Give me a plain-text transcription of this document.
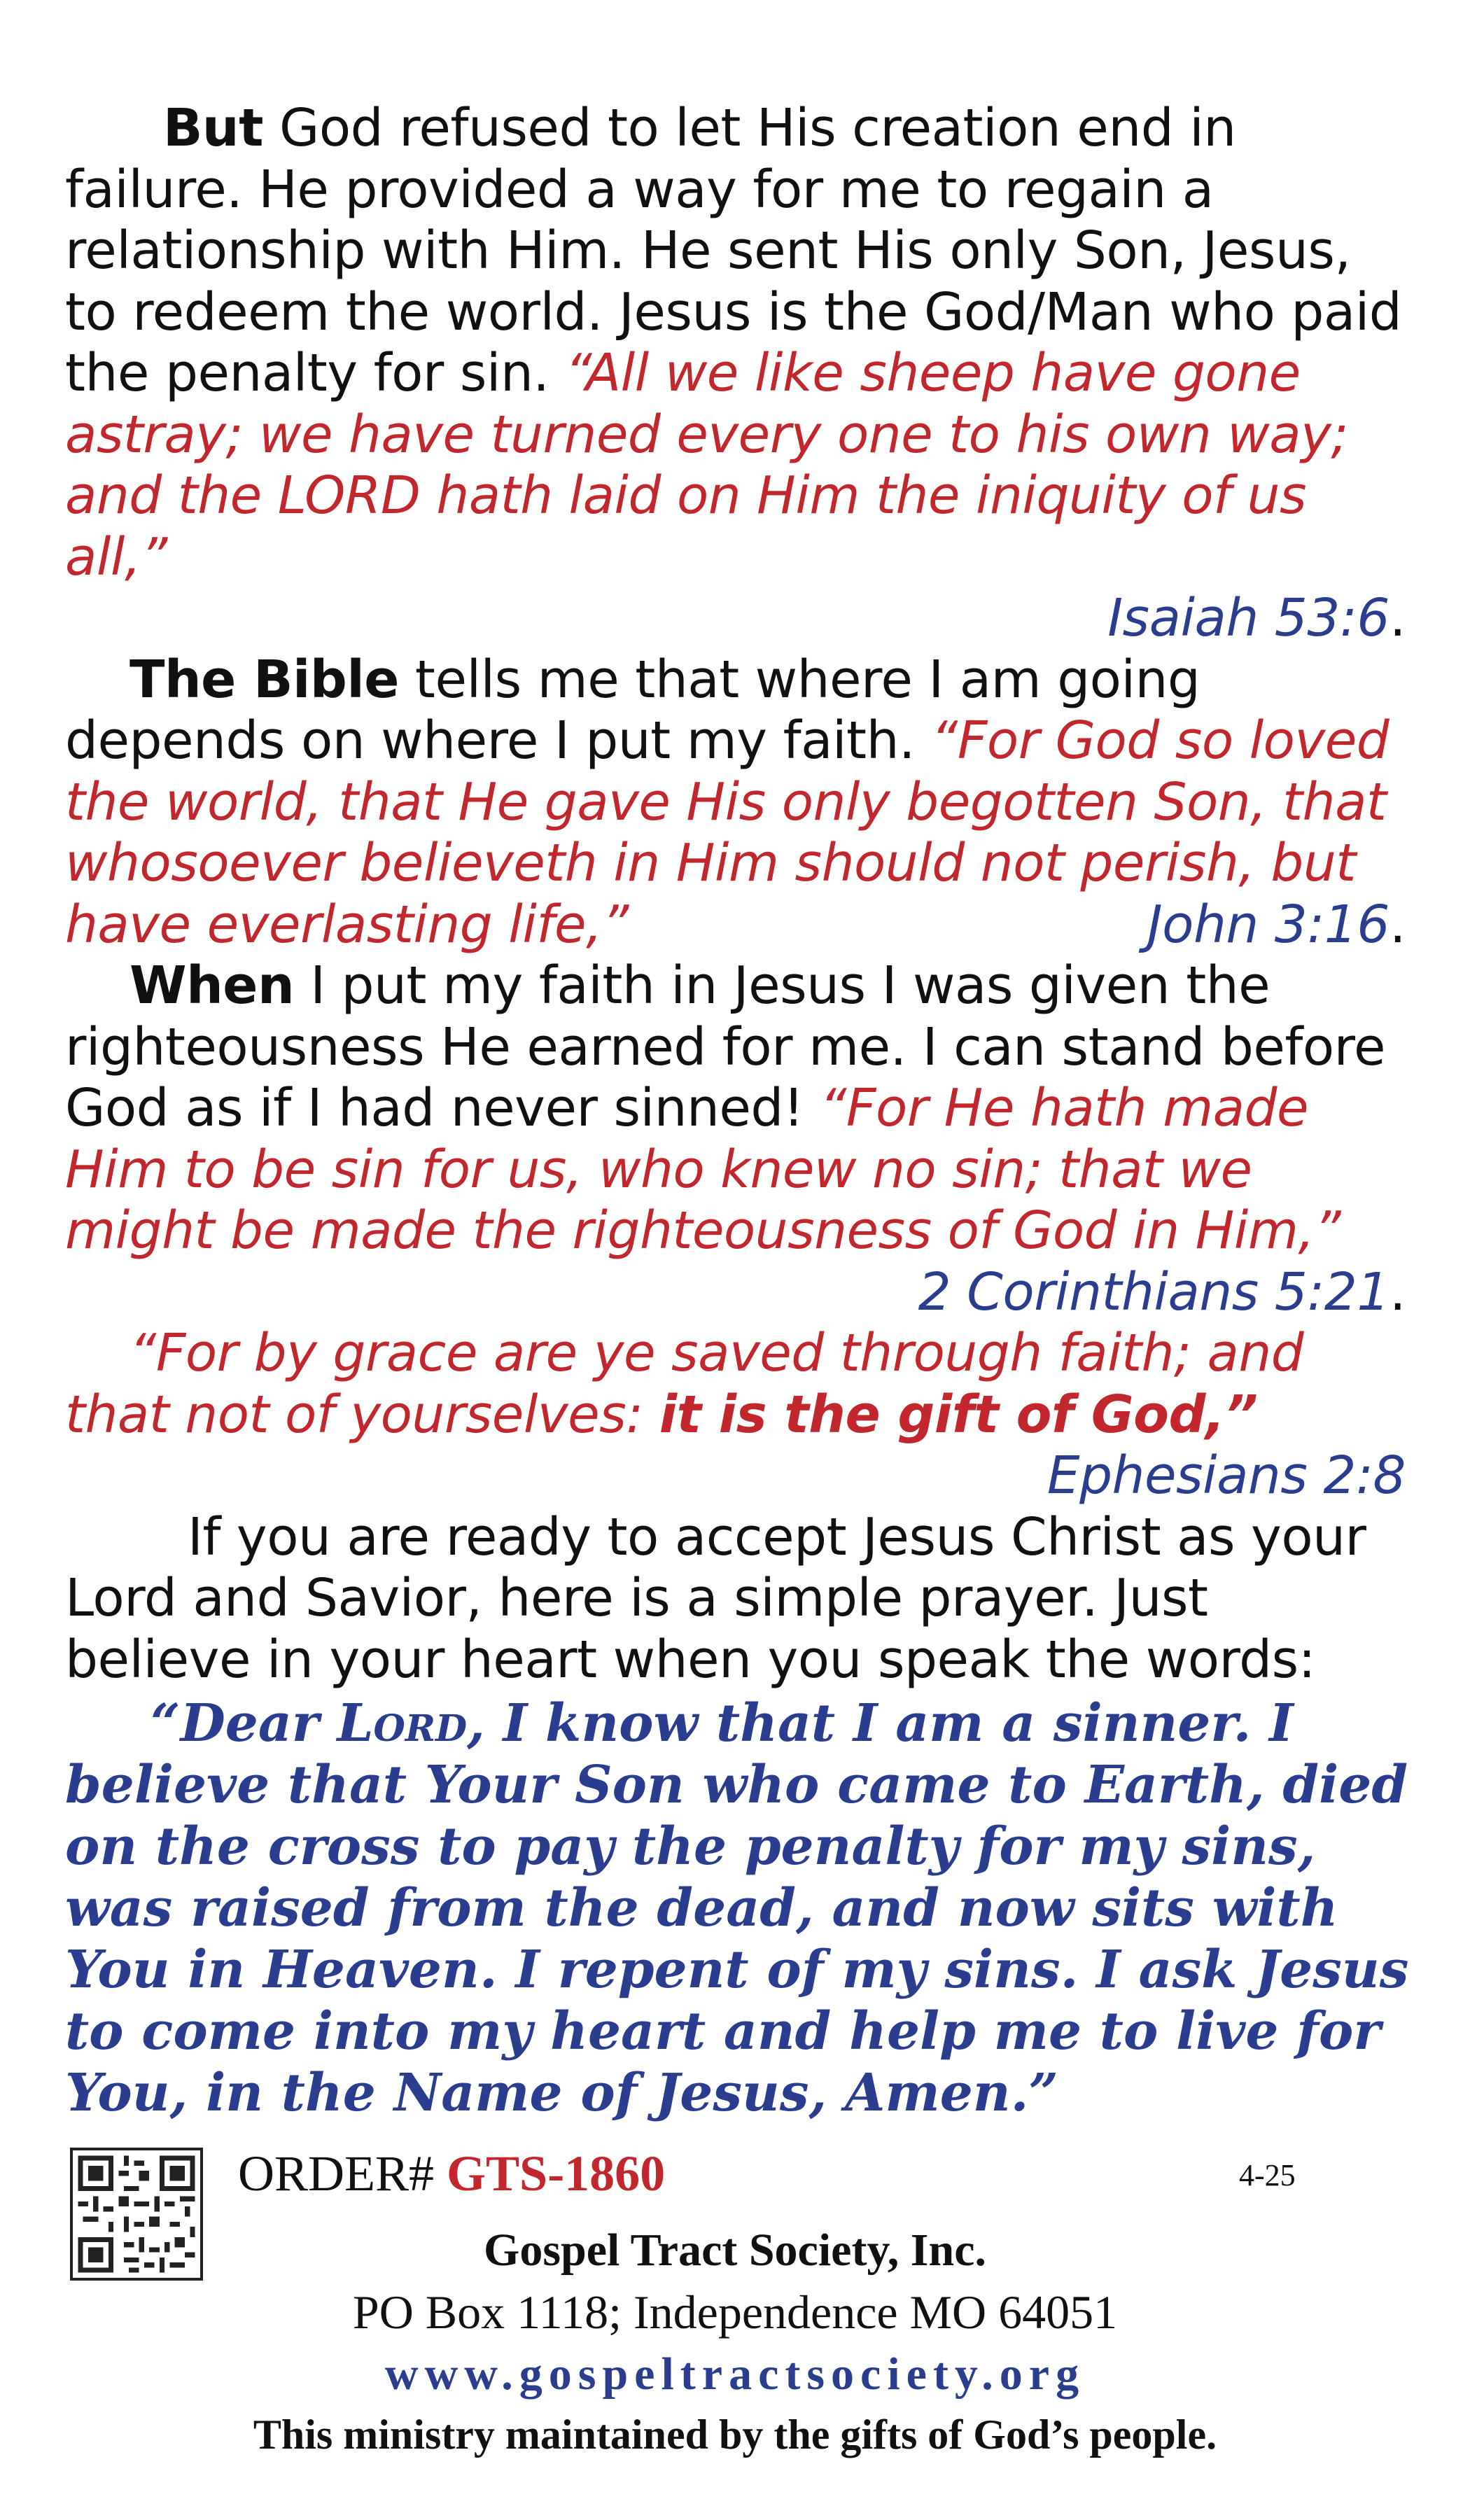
But God refused to let His creation end in failure. He provided a way for me to regain a relationship with Him. He sent His only Son, Jesus, to redeem the world. Jesus is the God/Man who paid the penalty for sin. “All we like sheep have gone astray; we have turned every one to his own way; and the LORD hath laid on Him the iniquity of us all,”
Isaiah 53:6.
The Bible tells me that where I am going depends on where I put my faith. “For God so loved the world, that He gave His only begotten Son, that whosoever believeth in Him should not perish, but have everlasting life,”	John 3:16.
When I put my faith in Jesus I was given the righteousness He earned for me. I can stand before God as if I had never sinned! “For He hath made Him to be sin for us, who knew no sin; that we might be made the righteousness of God in Him,”
2 Corinthians 5:21.
“For by grace are ye saved through faith; and that not of yourselves: it is the gift of God,”
Ephesians 2:8
If you are ready to accept Jesus Christ as your Lord and Savior, here is a simple prayer. Just believe in your heart when you speak the words:

“Dear Lord, I know that I am a sinner. I believe that Your Son who came to Earth, died on the cross to pay the penalty for my sins, was raised from the dead, and now sits with You in Heaven. I repent of my sins. I ask Jesus to come into my heart and help me to live for You, in the Name of Jesus, Amen.”

ORDER# GTS-1860	4-25
Gospel Tract Society, Inc.
PO Box 1118; Independence MO 64051
www.gospeltractsociety.org
This ministry maintained by the gifts of God’s people.
